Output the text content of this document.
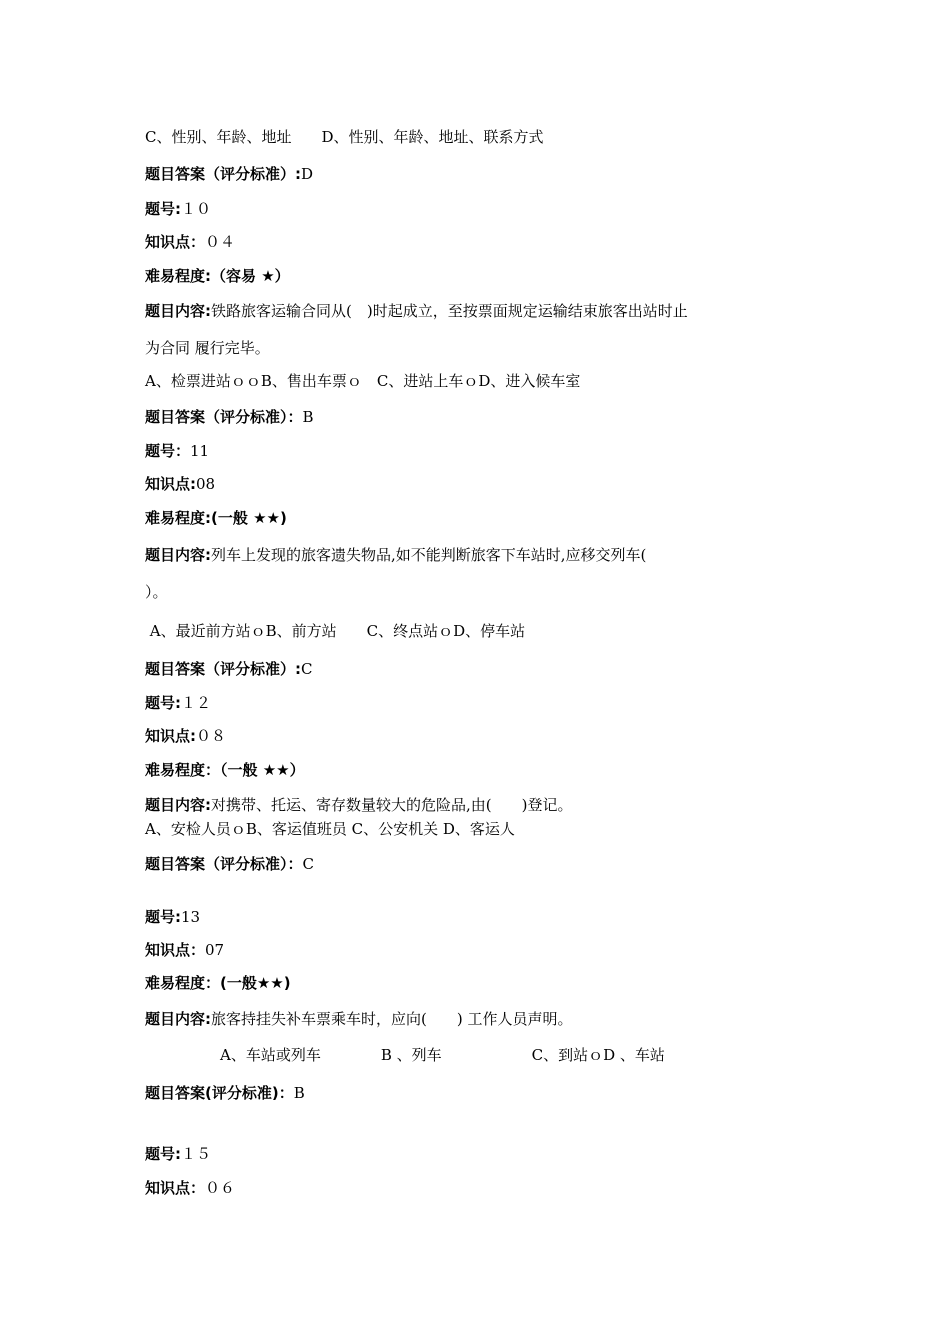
C、性别、年龄、地址　　D、性别、年龄、地址、联系方式
题目答案（评分标准）:D
题号:１０
知识点：０４
难易程度:（容易 ★）
题目内容:铁路旅客运输合同从(　)时起成立，至按票面规定运输结束旅客出站时止
为合同 履行完毕。
A、检票进站ｏｏB、售出车票ｏ　C、进站上车ｏD、进入候车室
题目答案（评分标准）：B
题号：11
知识点:08
难易程度:(一般 ★★)
题目内容:列车上发现的旅客遗失物品,如不能判断旅客下车站时,应移交列车(
）。
A、最近前方站ｏB、前方站　　C、终点站ｏD、停车站
题目答案（评分标准）:C
题号:１２
知识点:０８
难易程度：（一般 ★★）
题目内容:对携带、托运、寄存数量较大的危险品,由(　　)登记。
A、安检人员ｏB、客运值班员 C、公安机关 D、客运人
题目答案（评分标准）：C
题号:13
知识点：07
难易程度：(一般★★)
题目内容:旅客持挂失补车票乘车时，应向(　　) 工作人员声明。
　　　　　A、车站或列车　　　　B 、列车　　　　　　C、到站ｏD 、车站
题目答案(评分标准)：B
题号:１５
知识点：０６
